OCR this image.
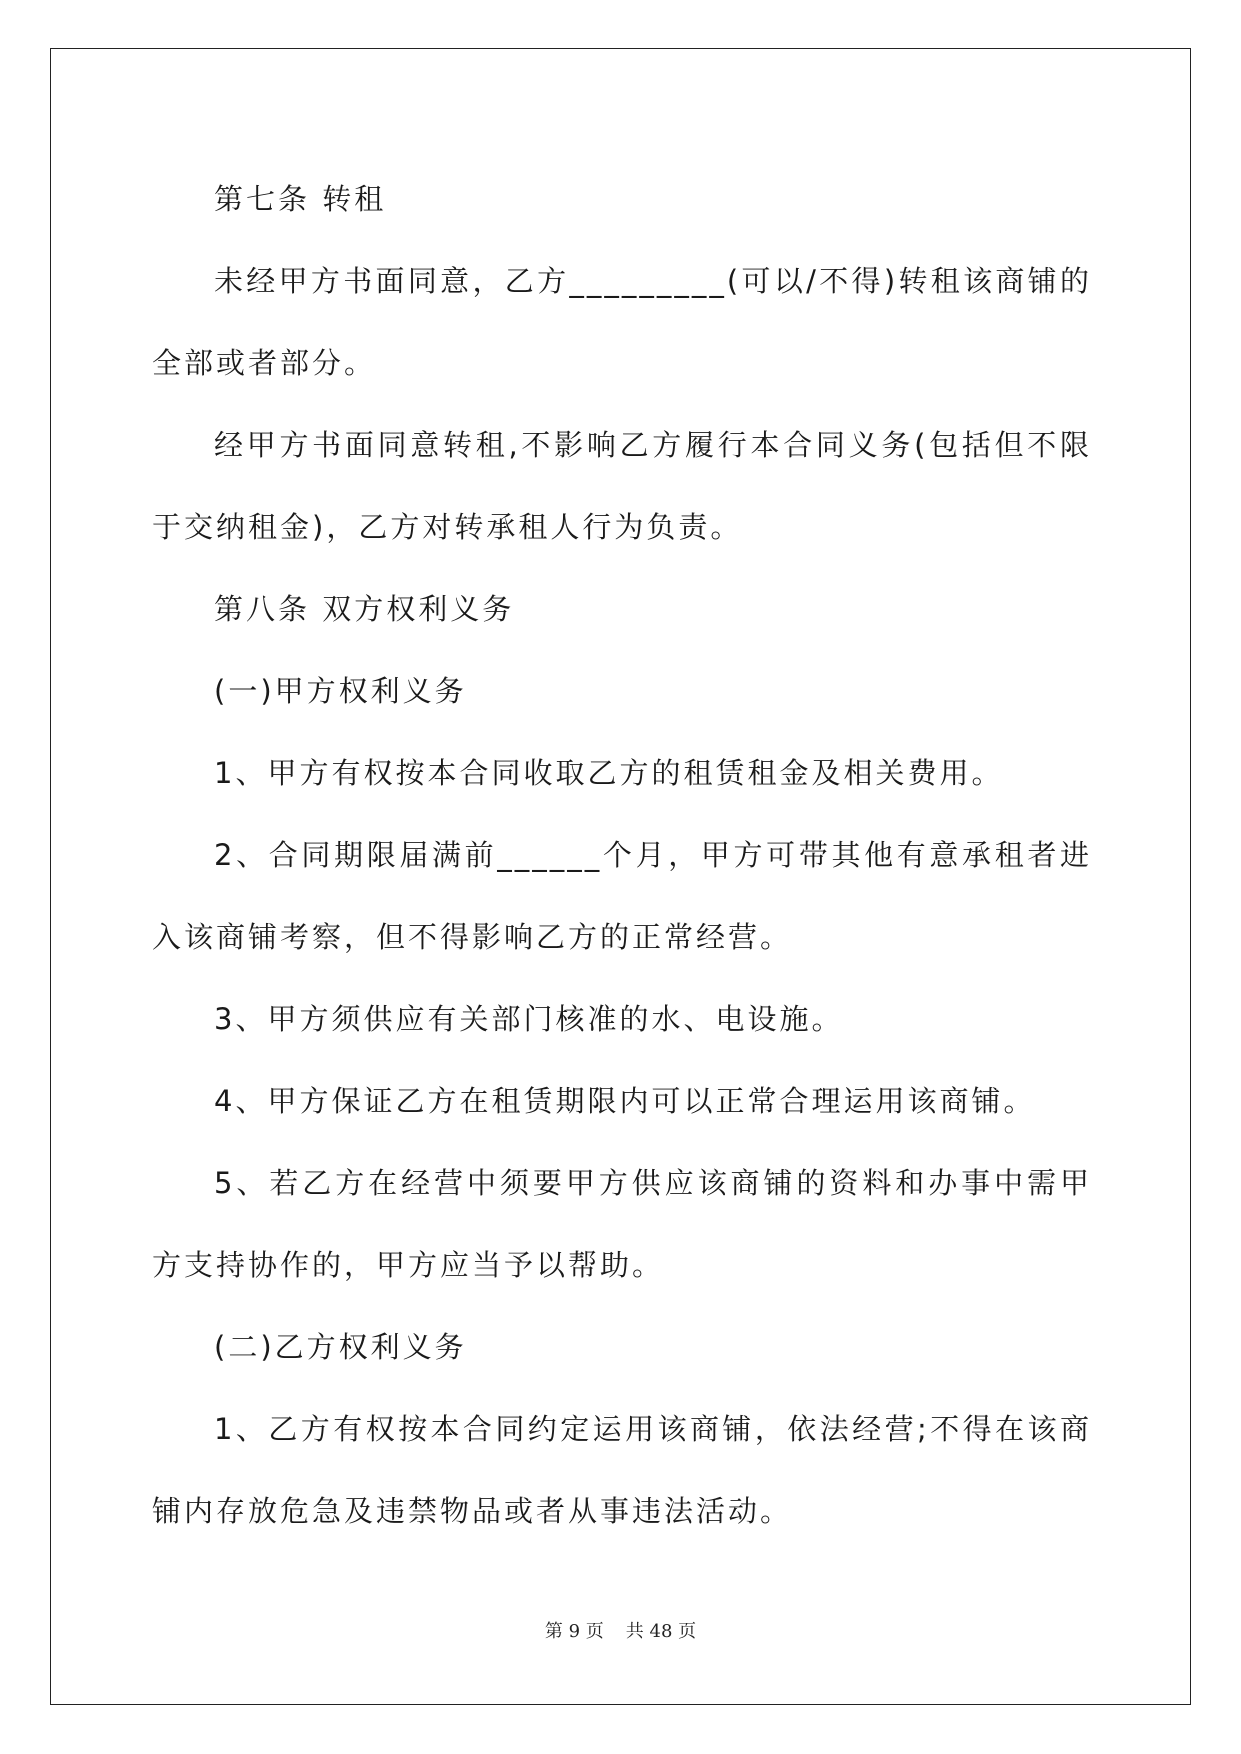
第七条 转租

未经甲方书面同意，乙方_________(可以/不得)转租该商铺的全部或者部分。

经甲方书面同意转租,不影响乙方履行本合同义务(包括但不限于交纳租金)，乙方对转承租人行为负责。

第八条 双方权利义务

(一)甲方权利义务

1、甲方有权按本合同收取乙方的租赁租金及相关费用。

2、合同期限届满前______个月，甲方可带其他有意承租者进入该商铺考察，但不得影响乙方的正常经营。

3、甲方须供应有关部门核准的水、电设施。

4、甲方保证乙方在租赁期限内可以正常合理运用该商铺。

5、若乙方在经营中须要甲方供应该商铺的资料和办事中需甲方支持协作的，甲方应当予以帮助。

(二)乙方权利义务

1、乙方有权按本合同约定运用该商铺，依法经营;不得在该商铺内存放危急及违禁物品或者从事违法活动。

第 9 页 共 48 页
